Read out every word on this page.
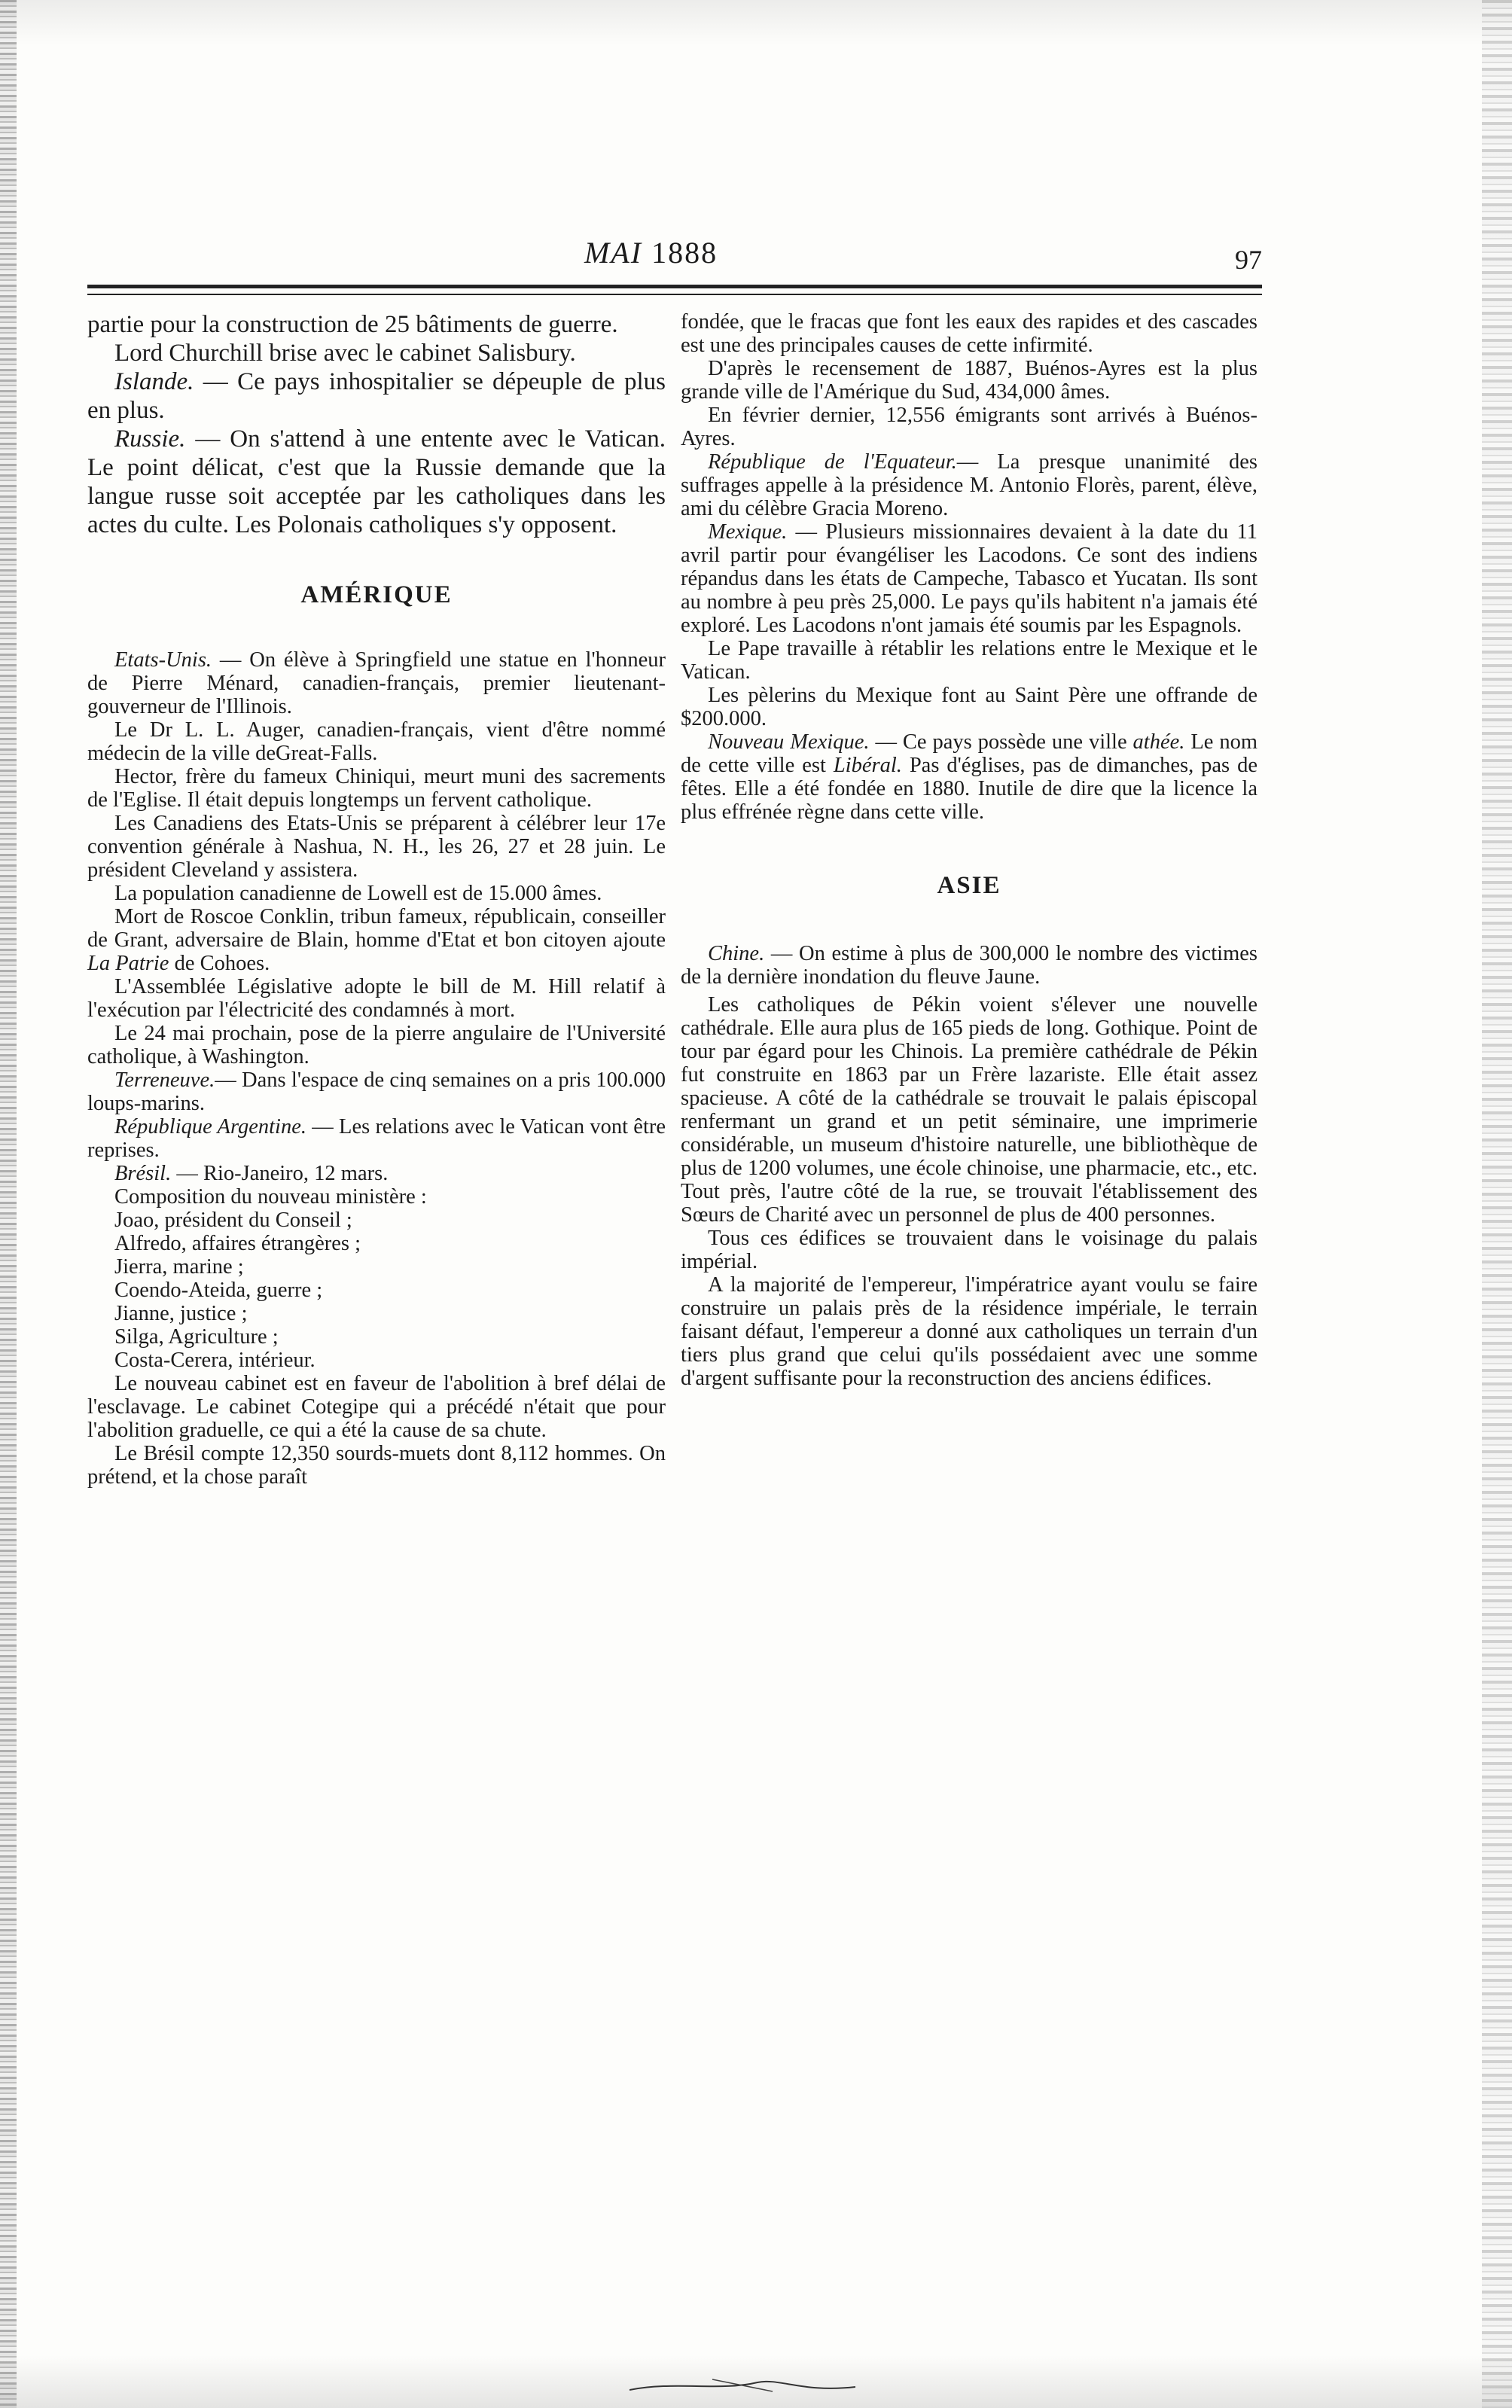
MAI 1888	97

partie pour la construction de 25 bâtiments de guerre.

Lord Churchill brise avec le cabinet Salisbury.

Islande. — Ce pays inhospitalier se dépeuple de plus en plus.

Russie. — On s'attend à une entente avec le Vatican. Le point délicat, c'est que la Russie demande que la langue russe soit acceptée par les catholiques dans les actes du culte. Les Polonais catholiques s'y opposent.

AMÉRIQUE

Etats-Unis. — On élève à Springfield une statue en l'honneur de Pierre Ménard, canadien-français, premier lieutenant-gouverneur de l'Illinois.

Le Dr L. L. Auger, canadien-français, vient d'être nommé médecin de la ville deGreat-Falls.

Hector, frère du fameux Chiniqui, meurt muni des sacrements de l'Eglise. Il était depuis longtemps un fervent catholique.

Les Canadiens des Etats-Unis se préparent à célébrer leur 17e convention générale à Nashua, N. H., les 26, 27 et 28 juin. Le président Cleveland y assistera.

La population canadienne de Lowell est de 15.000 âmes.

Mort de Roscoe Conklin, tribun fameux, républicain, conseiller de Grant, adversaire de Blain, homme d'Etat et bon citoyen ajoute La Patrie de Cohoes.

L'Assemblée Législative adopte le bill de M. Hill relatif à l'exécution par l'électricité des condamnés à mort.

Le 24 mai prochain, pose de la pierre angulaire de l'Université catholique, à Washington.

Terreneuve.— Dans l'espace de cinq semaines on a pris 100.000 loups-marins.

République Argentine. — Les relations avec le Vatican vont être reprises.

Brésil. — Rio-Janeiro, 12 mars.

Composition du nouveau ministère :

Joao, président du Conseil ;

Alfredo, affaires étrangères ;

Jierra, marine ;

Coendo-Ateida, guerre ;

Jianne, justice ;

Silga, Agriculture ;

Costa-Cerera, intérieur.

Le nouveau cabinet est en faveur de l'abolition à bref délai de l'esclavage. Le cabinet Cotegipe qui a précédé n'était que pour l'abolition graduelle, ce qui a été la cause de sa chute.

Le Brésil compte 12,350 sourds-muets dont 8,112 hommes. On prétend, et la chose paraît

fondée, que le fracas que font les eaux des rapides et des cascades est une des principales causes de cette infirmité.

D'après le recensement de 1887, Buénos-Ayres est la plus grande ville de l'Amérique du Sud, 434,000 âmes.

En février dernier, 12,556 émigrants sont arrivés à Buénos-Ayres.

République de l'Equateur.— La presque unanimité des suffrages appelle à la présidence M. Antonio Florès, parent, élève, ami du célèbre Gracia Moreno.

Mexique. — Plusieurs missionnaires devaient à la date du 11 avril partir pour évangéliser les Lacodons. Ce sont des indiens répandus dans les états de Campeche, Tabasco et Yucatan. Ils sont au nombre à peu près 25,000. Le pays qu'ils habitent n'a jamais été exploré. Les Lacodons n'ont jamais été soumis par les Espagnols.

Le Pape travaille à rétablir les relations entre le Mexique et le Vatican.

Les pèlerins du Mexique font au Saint Père une offrande de $200.000.

Nouveau Mexique. — Ce pays possède une ville athée. Le nom de cette ville est Libéral. Pas d'églises, pas de dimanches, pas de fêtes. Elle a été fondée en 1880. Inutile de dire que la licence la plus effrénée règne dans cette ville.

ASIE

Chine. — On estime à plus de 300,000 le nombre des victimes de la dernière inondation du fleuve Jaune.

Les catholiques de Pékin voient s'élever une nouvelle cathédrale. Elle aura plus de 165 pieds de long. Gothique. Point de tour par égard pour les Chinois. La première cathédrale de Pékin fut construite en 1863 par un Frère lazariste. Elle était assez spacieuse. A côté de la cathédrale se trouvait le palais épiscopal renfermant un grand et un petit séminaire, une imprimerie considérable, un museum d'histoire naturelle, une bibliothèque de plus de 1200 volumes, une école chinoise, une pharmacie, etc., etc. Tout près, l'autre côté de la rue, se trouvait l'établissement des Sœurs de Charité avec un personnel de plus de 400 personnes.

Tous ces édifices se trouvaient dans le voisinage du palais impérial.

A la majorité de l'empereur, l'impératrice ayant voulu se faire construire un palais près de la résidence impériale, le terrain faisant défaut, l'empereur a donné aux catholiques un terrain d'un tiers plus grand que celui qu'ils possédaient avec une somme d'argent suffisante pour la reconstruction des anciens édifices.
